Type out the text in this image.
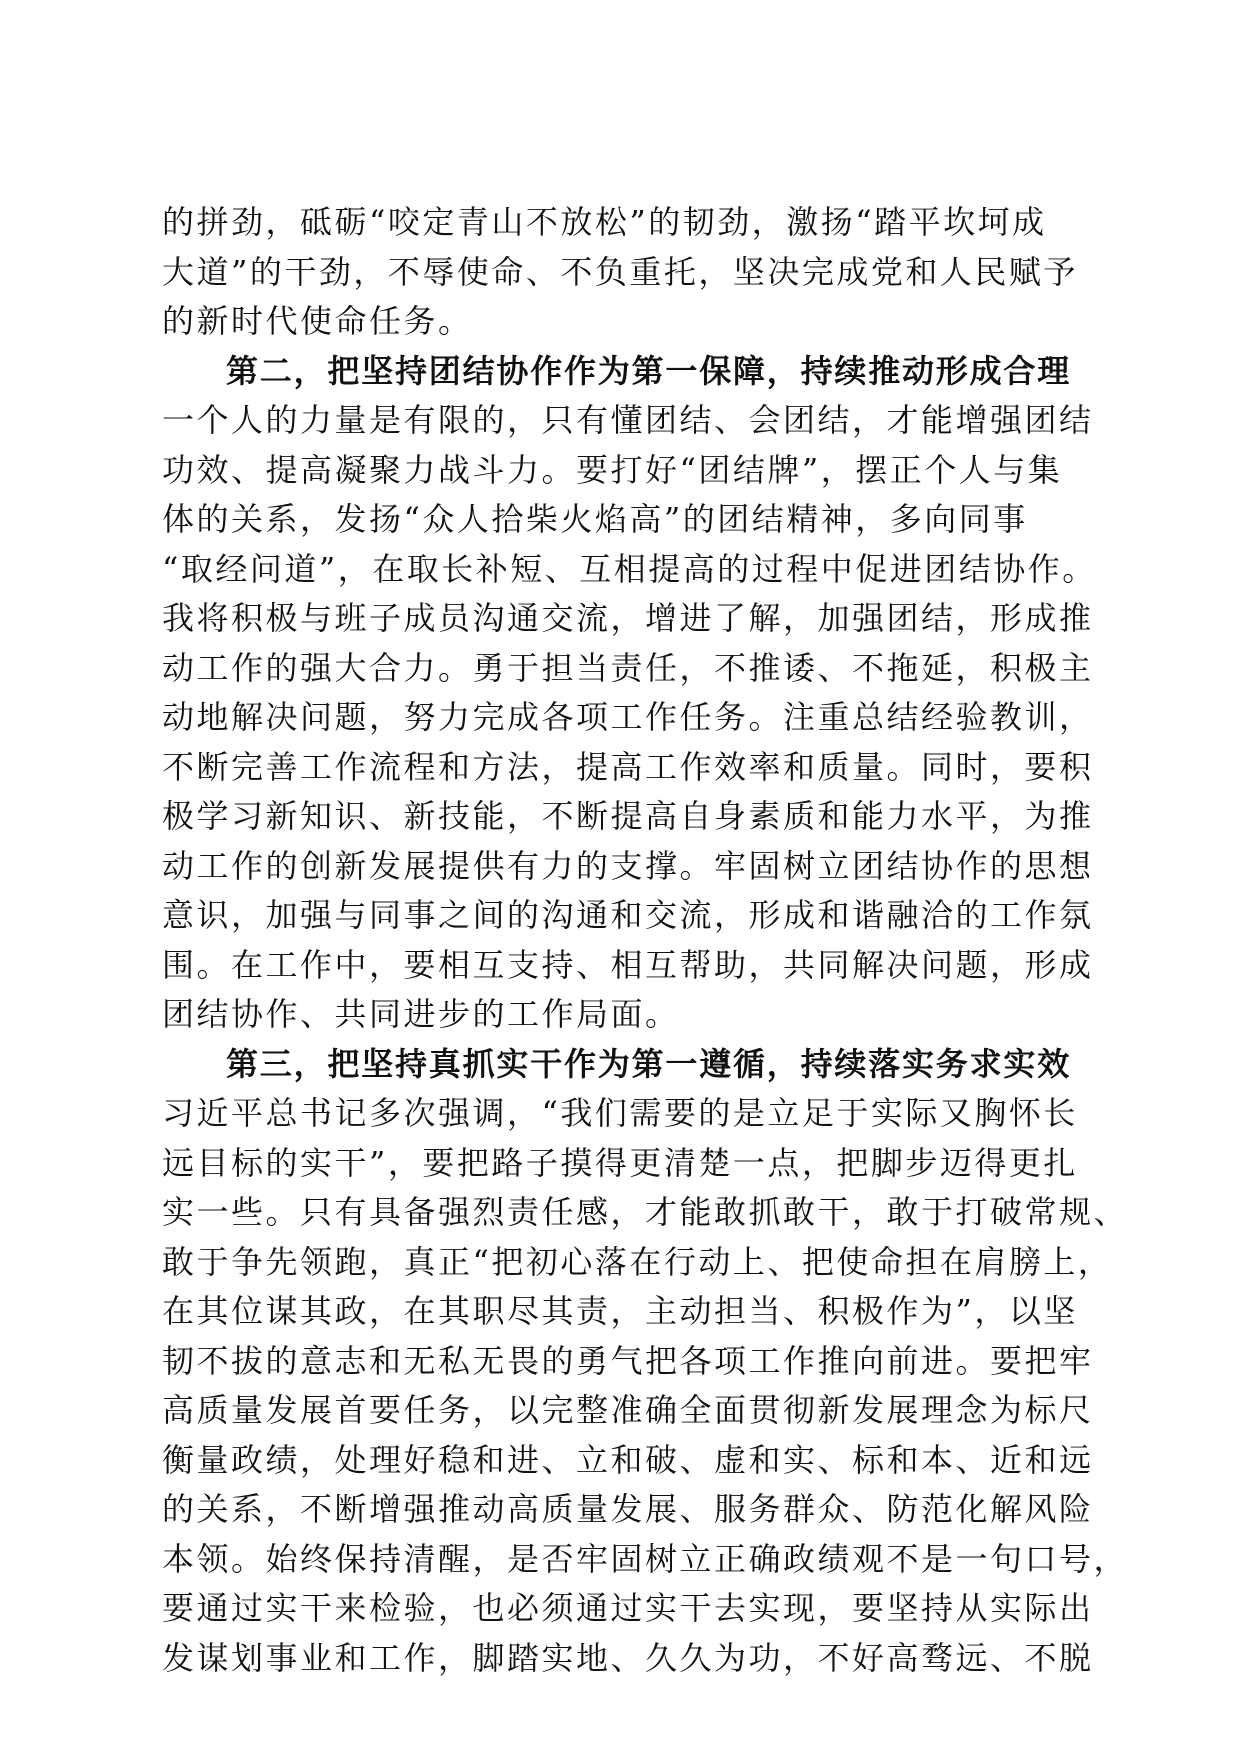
的拼劲，砥砺“咬定青山不放松”的韧劲，激扬“踏平坎坷成
大道”的干劲，不辱使命、不负重托，坚决完成党和人民赋予
的新时代使命任务。
第二，把坚持团结协作作为第一保障，持续推动形成合理
一个人的力量是有限的，只有懂团结、会团结，才能增强团结
功效、提高凝聚力战斗力。要打好“团结牌”，摆正个人与集
体的关系，发扬“众人拾柴火焰高”的团结精神，多向同事
“取经问道”，在取长补短、互相提高的过程中促进团结协作。
我将积极与班子成员沟通交流，增进了解，加强团结，形成推
动工作的强大合力。勇于担当责任，不推诿、不拖延，积极主
动地解决问题，努力完成各项工作任务。注重总结经验教训，
不断完善工作流程和方法，提高工作效率和质量。同时，要积
极学习新知识、新技能，不断提高自身素质和能力水平，为推
动工作的创新发展提供有力的支撑。牢固树立团结协作的思想
意识，加强与同事之间的沟通和交流，形成和谐融洽的工作氛
围。在工作中，要相互支持、相互帮助，共同解决问题，形成
团结协作、共同进步的工作局面。
第三，把坚持真抓实干作为第一遵循，持续落实务求实效
习近平总书记多次强调，“我们需要的是立足于实际又胸怀长
远目标的实干”，要把路子摸得更清楚一点，把脚步迈得更扎
实一些。只有具备强烈责任感，才能敢抓敢干，敢于打破常规、
敢于争先领跑，真正“把初心落在行动上、把使命担在肩膀上，
在其位谋其政，在其职尽其责，主动担当、积极作为”，以坚
韧不拔的意志和无私无畏的勇气把各项工作推向前进。要把牢
高质量发展首要任务，以完整准确全面贯彻新发展理念为标尺
衡量政绩，处理好稳和进、立和破、虚和实、标和本、近和远
的关系，不断增强推动高质量发展、服务群众、防范化解风险
本领。始终保持清醒，是否牢固树立正确政绩观不是一句口号，
要通过实干来检验，也必须通过实干去实现，要坚持从实际出
发谋划事业和工作，脚踏实地、久久为功，不好高骛远、不脱
